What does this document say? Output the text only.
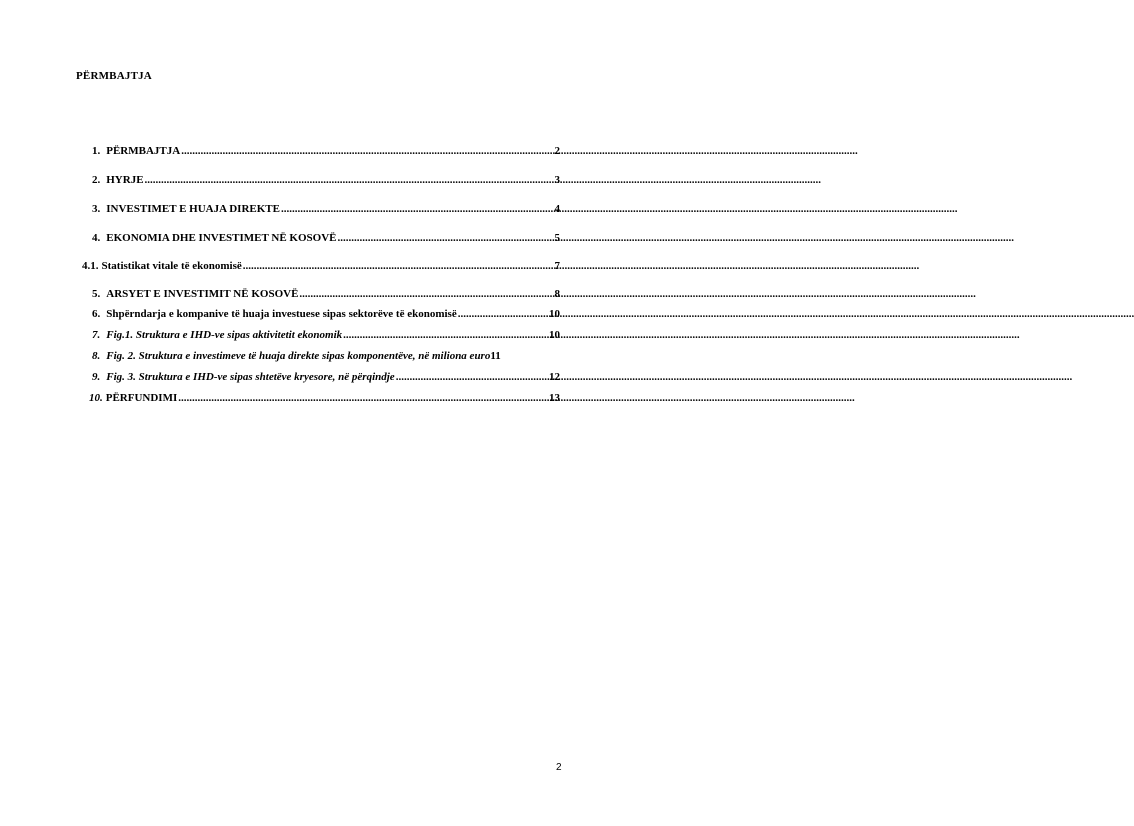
PËRMBAJTJA
1. PËRMBAJTJA .....	2
2. HYRJE .....	3
3. INVESTIMET E HUAJA DIREKTE .....	4
4. EKONOMIA DHE INVESTIMET NË KOSOVË .....	5
4.1. Statistikat vitale të ekonomisë .....	7
5. ARSYET E INVESTIMIT NË KOSOVË .....	8
6. Shpërndarja e kompanive të huaja investuese sipas sektorëve të ekonomisë .....	10
7. Fig.1. Struktura e IHD-ve sipas aktivitetit ekonomik .....	10
8. Fig. 2. Struktura e investimeve të huaja direkte sipas komponentëve, në miliona euro 11
9. Fig. 3. Struktura e IHD-ve sipas shtetëve kryesore, në përqindje .....	12
10. PËRFUNDIMI .....	13
2
